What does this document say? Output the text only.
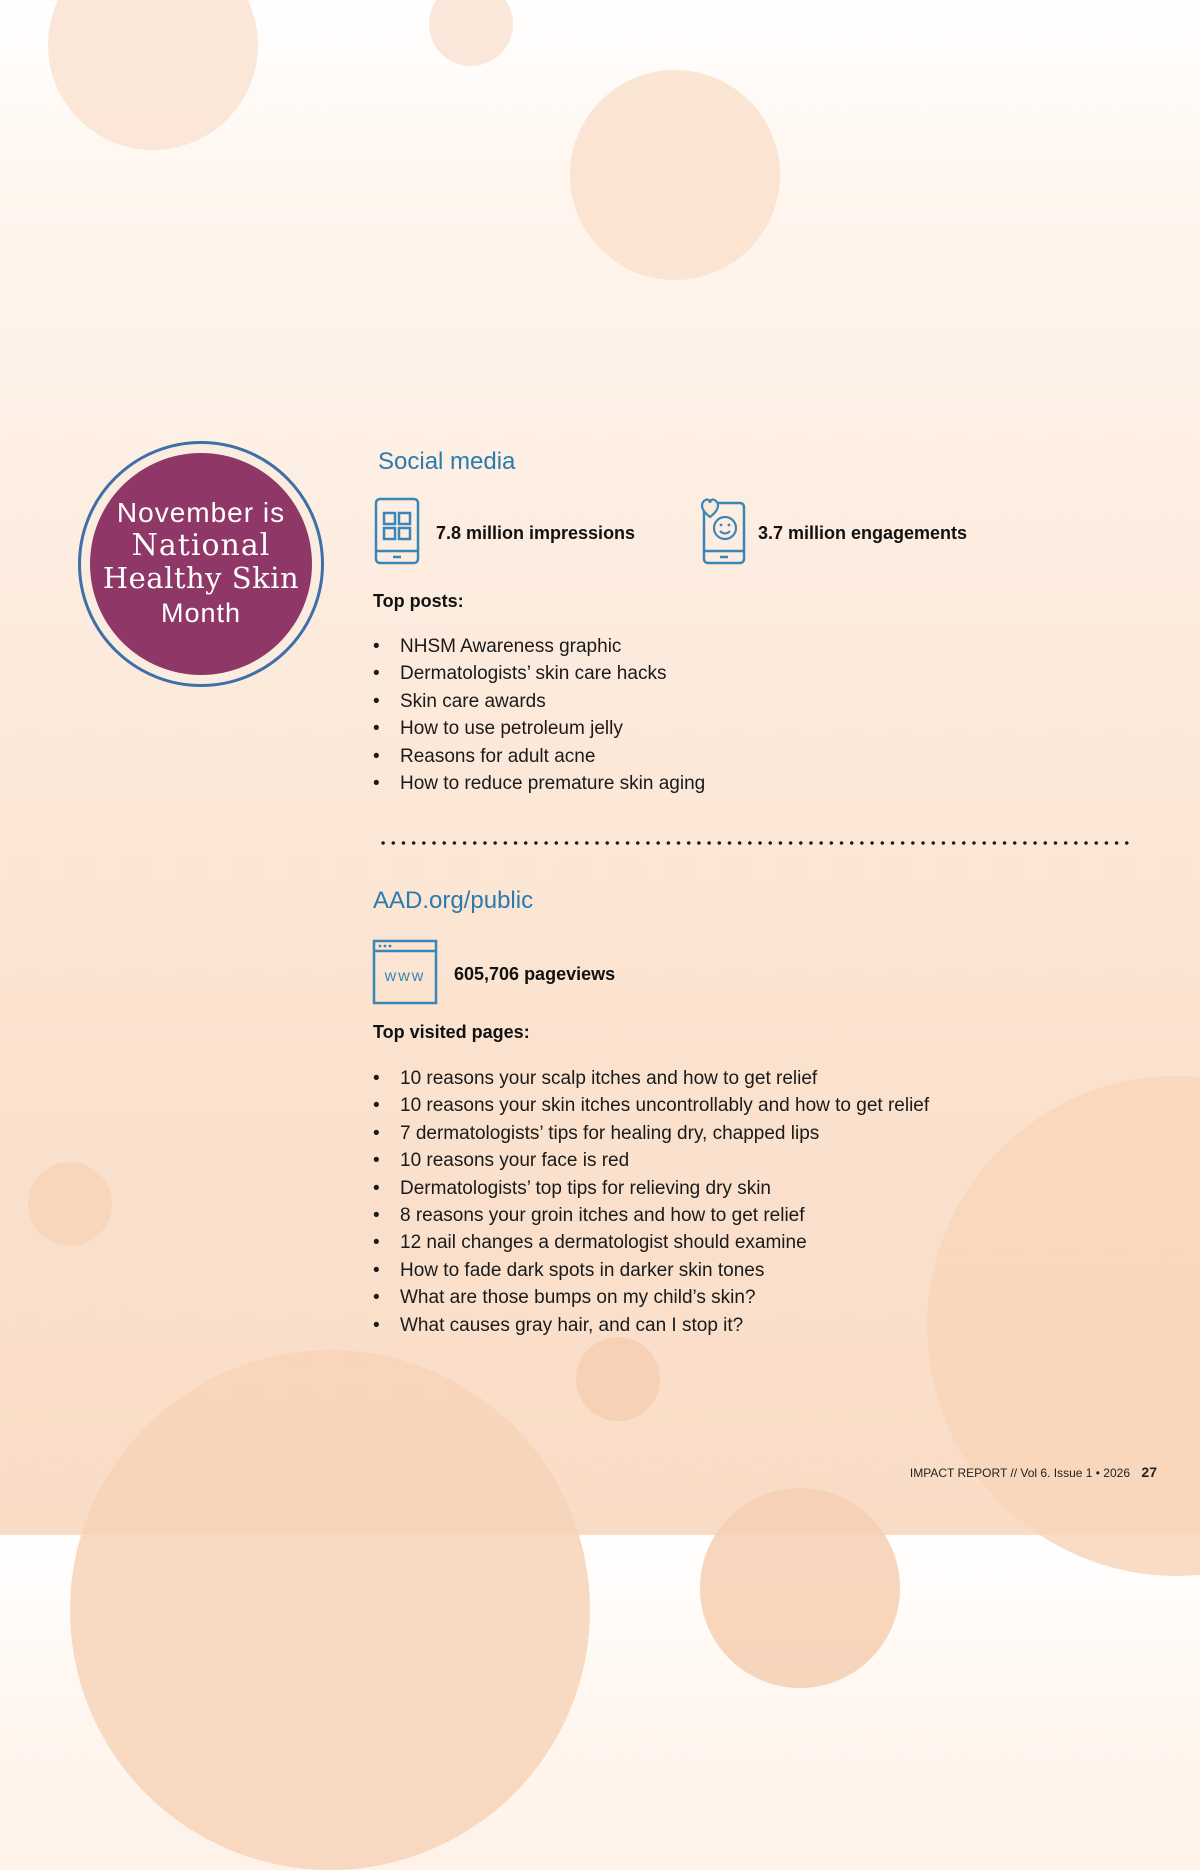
November is
National
Healthy Skin
Month
Social media
7.8 million impressions	3.7 million engagements
Top posts:
• NHSM Awareness graphic
• Dermatologists’ skin care hacks
• Skin care awards
• How to use petroleum jelly
• Reasons for adult acne
• How to reduce premature skin aging
AAD.org/public
www 605,706 pageviews
Top visited pages:
• 10 reasons your scalp itches and how to get relief
• 10 reasons your skin itches uncontrollably and how to get relief
• 7 dermatologists’ tips for healing dry, chapped lips
• 10 reasons your face is red
• Dermatologists’ top tips for relieving dry skin
• 8 reasons your groin itches and how to get relief
• 12 nail changes a dermatologist should examine
• How to fade dark spots in darker skin tones
• What are those bumps on my child’s skin?
• What causes gray hair, and can I stop it?
IMPACT REPORT // Vol 6. Issue 1 • 2026 27
